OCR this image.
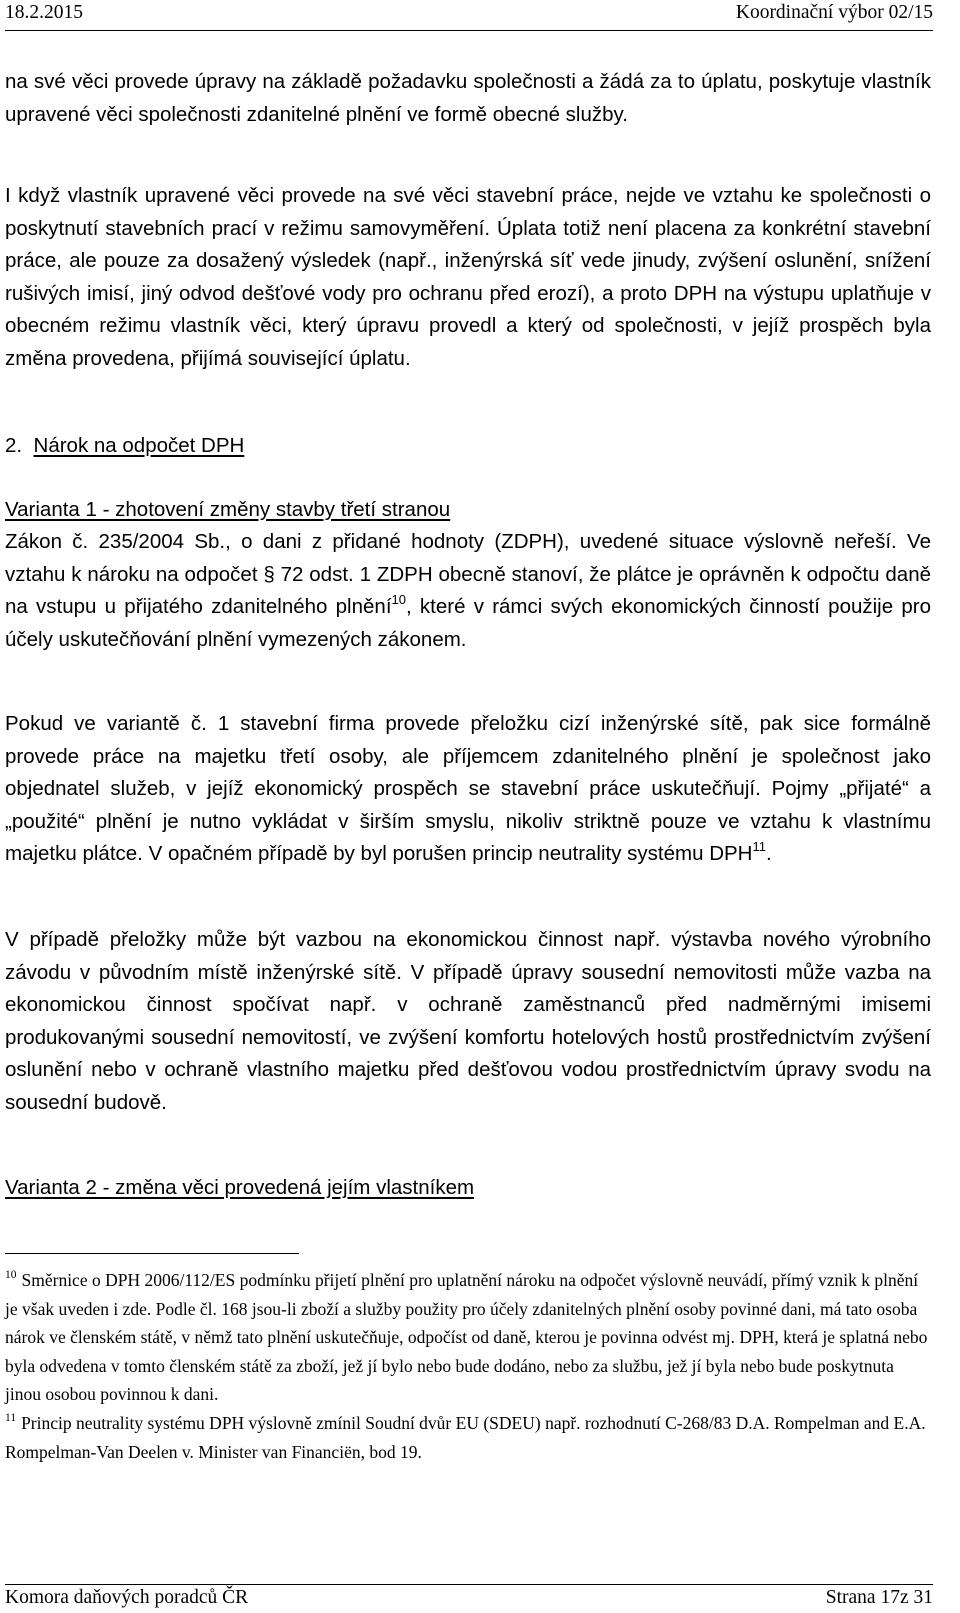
18.2.2015	Koordinační výbor 02/15

na své věci provede úpravy na základě požadavku společnosti a žádá za to úplatu, poskytuje vlastník upravené věci společnosti zdanitelné plnění ve formě obecné služby.

I když vlastník upravené věci provede na své věci stavební práce, nejde ve vztahu ke společnosti o poskytnutí stavebních prací v režimu samovyměření. Úplata totiž není placena za konkrétní stavební práce, ale pouze za dosažený výsledek (např., inženýrská síť vede jinudy, zvýšení oslunění, snížení rušivých imisí, jiný odvod dešťové vody pro ochranu před erozí), a proto DPH na výstupu uplatňuje v obecném režimu vlastník věci, který úpravu provedl a který od společnosti, v jejíž prospěch byla změna provedena, přijímá související úplatu.

2. Nárok na odpočet DPH

Varianta 1 - zhotovení změny stavby třetí stranou

Zákon č. 235/2004 Sb., o dani z přidané hodnoty (ZDPH), uvedené situace výslovně neřeší. Ve vztahu k nároku na odpočet § 72 odst. 1 ZDPH obecně stanoví, že plátce je oprávněn k odpočtu daně na vstupu u přijatého zdanitelného plnění$^{10}$, které v rámci svých ekonomických činností použije pro účely uskutečňování plnění vymezených zákonem.

Pokud ve variantě č. 1 stavební firma provede přeložku cizí inženýrské sítě, pak sice formálně provede práce na majetku třetí osoby, ale příjemcem zdanitelného plnění je společnost jako objednatel služeb, v jejíž ekonomický prospěch se stavební práce uskutečňují. Pojmy „přijaté“ a „použité“ plnění je nutno vykládat v širším smyslu, nikoliv striktně pouze ve vztahu k vlastnímu majetku plátce. V opačném případě by byl porušen princip neutrality systému DPH$^{11}$.

V případě přeložky může být vazbou na ekonomickou činnost např. výstavba nového výrobního závodu v původním místě inženýrské sítě. V případě úpravy sousední nemovitosti může vazba na ekonomickou činnost spočívat např. v ochraně zaměstnanců před nadměrnými imisemi produkovanými sousední nemovitostí, ve zvýšení komfortu hotelových hostů prostřednictvím zvýšení oslunění nebo v ochraně vlastního majetku před dešťovou vodou prostřednictvím úpravy svodu na sousední budově.

Varianta 2 - změna věci provedená jejím vlastníkem

$^{10}$ Směrnice o DPH 2006/112/ES podmínku přijetí plnění pro uplatnění nároku na odpočet výslovně neuvádí, přímý vznik k plnění je však uveden i zde. Podle čl. 168 jsou-li zboží a služby použity pro účely zdanitelných plnění osoby povinné dani, má tato osoba nárok ve členském státě, v němž tato plnění uskutečňuje, odpočíst od daně, kterou je povinna odvést mj. DPH, která je splatná nebo byla odvedena v tomto členském státě za zboží, jež jí bylo nebo bude dodáno, nebo za službu, jež jí byla nebo bude poskytnuta jinou osobou povinnou k dani.

$^{11}$ Princip neutrality systému DPH výslovně zmínil Soudní dvůr EU (SDEU) např. rozhodnutí C-268/83 D.A. Rompelman and E.A. Rompelman-Van Deelen v. Minister van Financiën, bod 19.

Komora daňových poradců ČR	Strana 17z 31
